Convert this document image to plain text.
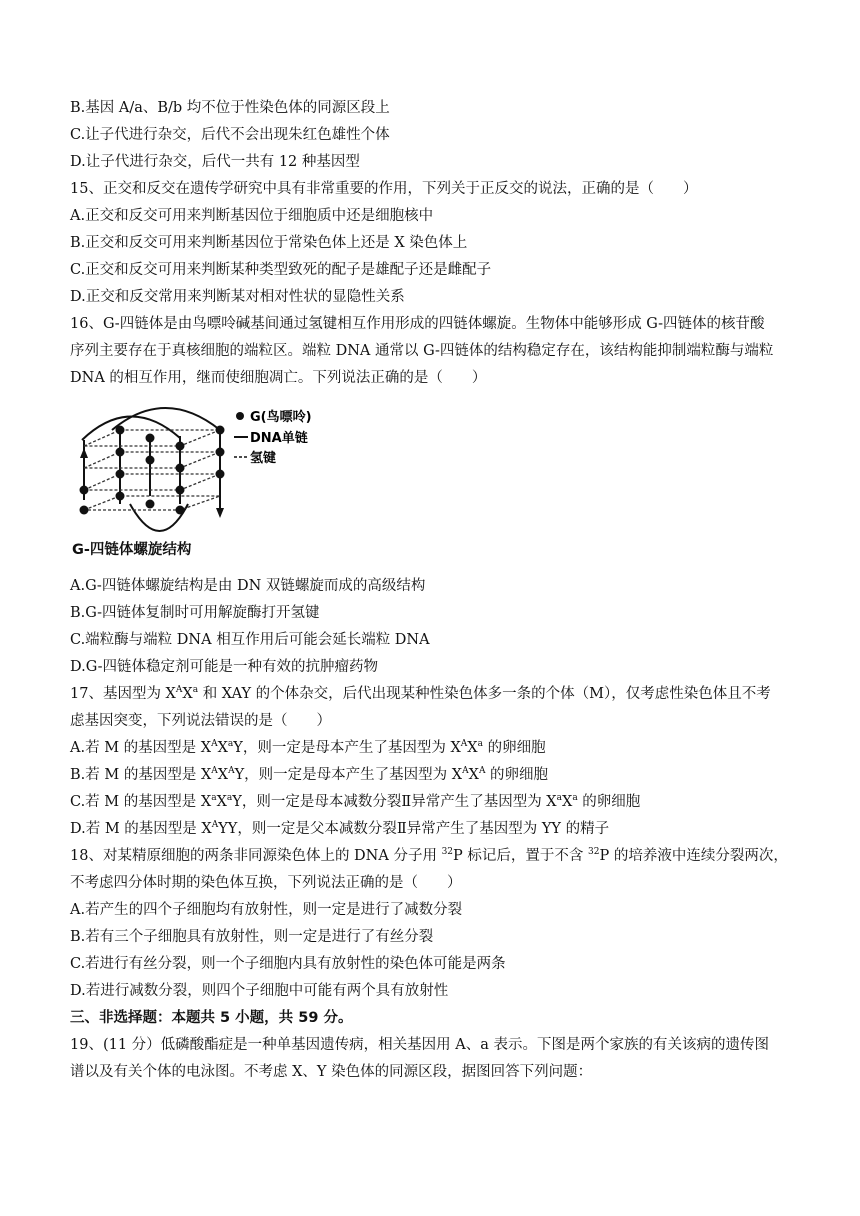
B.基因 A/a、B/b 均不位于性染色体的同源区段上
C.让子代进行杂交，后代不会出现朱红色雄性个体
D.让子代进行杂交，后代一共有 12 种基因型
15、正交和反交在遗传学研究中具有非常重要的作用，下列关于正反交的说法，正确的是（　　）
A.正交和反交可用来判断基因位于细胞质中还是细胞核中
B.正交和反交可用来判断基因位于常染色体上还是 X 染色体上
C.正交和反交可用来判断某种类型致死的配子是雄配子还是雌配子
D.正交和反交常用来判断某对相对性状的显隐性关系
16、G-四链体是由鸟嘌呤碱基间通过氢键相互作用形成的四链体螺旋。生物体中能够形成 G-四链体的核苷酸
序列主要存在于真核细胞的端粒区。端粒 DNA 通常以 G-四链体的结构稳定存在，该结构能抑制端粒酶与端粒
DNA 的相互作用，继而使细胞凋亡。下列说法正确的是（　　）
G(鸟嘌呤)
DNA单链
氢键
G-四链体螺旋结构
A.G-四链体螺旋结构是由 DN 双链螺旋而成的高级结构
B.G-四链体复制时可用解旋酶打开氢键
C.端粒酶与端粒 DNA 相互作用后可能会延长端粒 DNA
D.G-四链体稳定剂可能是一种有效的抗肿瘤药物
17、基因型为 $X^AX^a$ 和 XAY 的个体杂交，后代出现某种性染色体多一条的个体（M），仅考虑性染色体且不考
虑基因突变，下列说法错误的是（　　）
A.若 M 的基因型是 $X^AX^aY$，则一定是母本产生了基因型为 $X^AX^a$ 的卵细胞
B.若 M 的基因型是 $X^AX^AY$，则一定是母本产生了基因型为 $X^AX^A$ 的卵细胞
C.若 M 的基因型是 $X^aX^aY$，则一定是母本减数分裂Ⅱ异常产生了基因型为 $X^aX^a$ 的卵细胞
D.若 M 的基因型是 $X^AYY$，则一定是父本减数分裂Ⅱ异常产生了基因型为 YY 的精子
18、对某精原细胞的两条非同源染色体上的 DNA 分子用 $^{32}$P 标记后，置于不含 $^{32}$P 的培养液中连续分裂两次，
不考虑四分体时期的染色体互换，下列说法正确的是（　　）
A.若产生的四个子细胞均有放射性，则一定是进行了减数分裂
B.若有三个子细胞具有放射性，则一定是进行了有丝分裂
C.若进行有丝分裂，则一个子细胞内具有放射性的染色体可能是两条
D.若进行减数分裂，则四个子细胞中可能有两个具有放射性
三、非选择题：本题共 5 小题，共 59 分。
19、(11 分）低磷酸酯症是一种单基因遗传病，相关基因用 A、a 表示。下图是两个家族的有关该病的遗传图
谱以及有关个体的电泳图。不考虑 X、Y 染色体的同源区段，据图回答下列问题：
